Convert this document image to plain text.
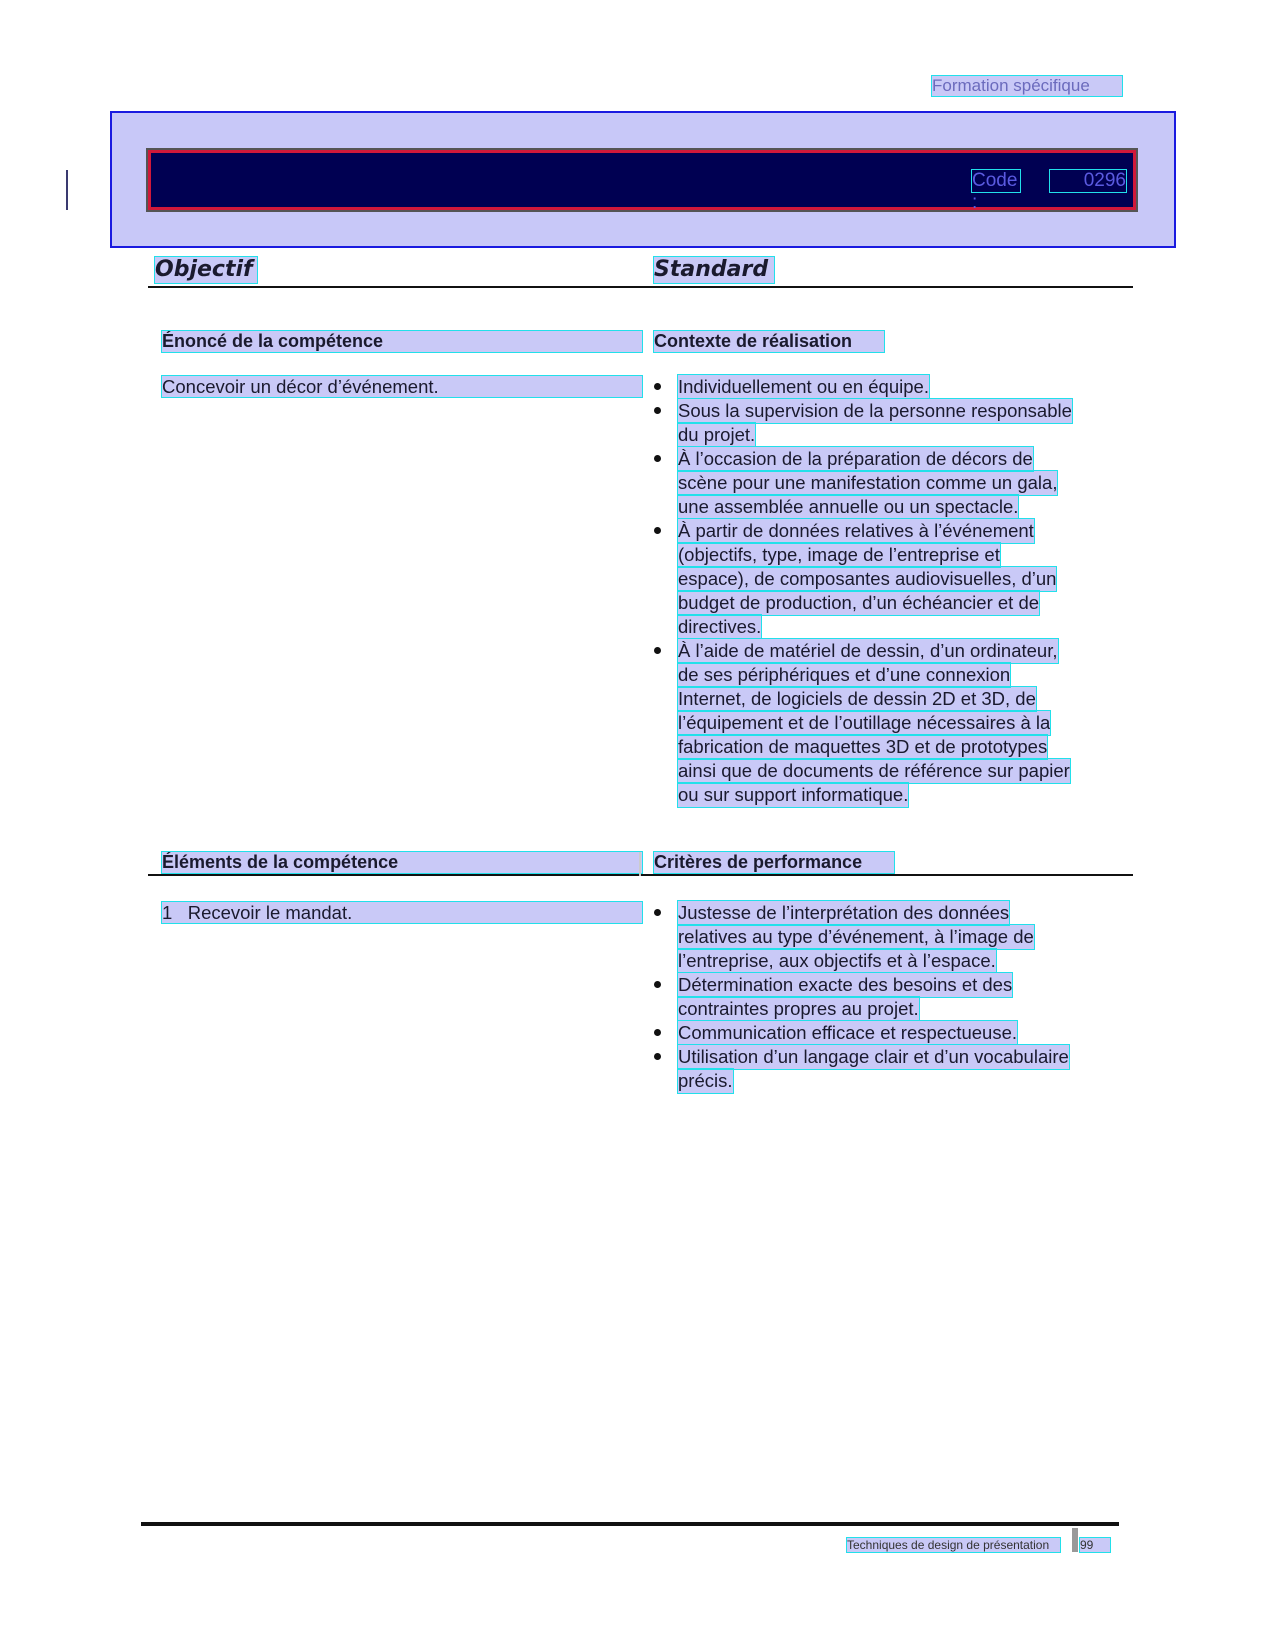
Formation spécifique
Code :
0296
Objectif	Standard
Énoncé de la compétence	Contexte de réalisation
Concevoir un décor d’événement.	Individuellement ou en équipe.
Sous la supervision de la personne responsable
du projet.
À l’occasion de la préparation de décors de
scène pour une manifestation comme un gala,
une assemblée annuelle ou un spectacle.
À partir de données relatives à l’événement
(objectifs, type, image de l’entreprise et
espace), de composantes audiovisuelles, d’un
budget de production, d’un échéancier et de
directives.
À l’aide de matériel de dessin, d’un ordinateur,
de ses périphériques et d’une connexion
Internet, de logiciels de dessin 2D et 3D, de
l’équipement et de l’outillage nécessaires à la
fabrication de maquettes 3D et de prototypes
ainsi que de documents de référence sur papier
ou sur support informatique.
Éléments de la compétence	Critères de performance
1   Recevoir le mandat.	Justesse de l’interprétation des données
relatives au type d’événement, à l’image de
l’entreprise, aux objectifs et à l’espace.
Détermination exacte des besoins et des
contraintes propres au projet.
Communication efficace et respectueuse.
Utilisation d’un langage clair et d’un vocabulaire
précis.
Techniques de design de présentation	99
